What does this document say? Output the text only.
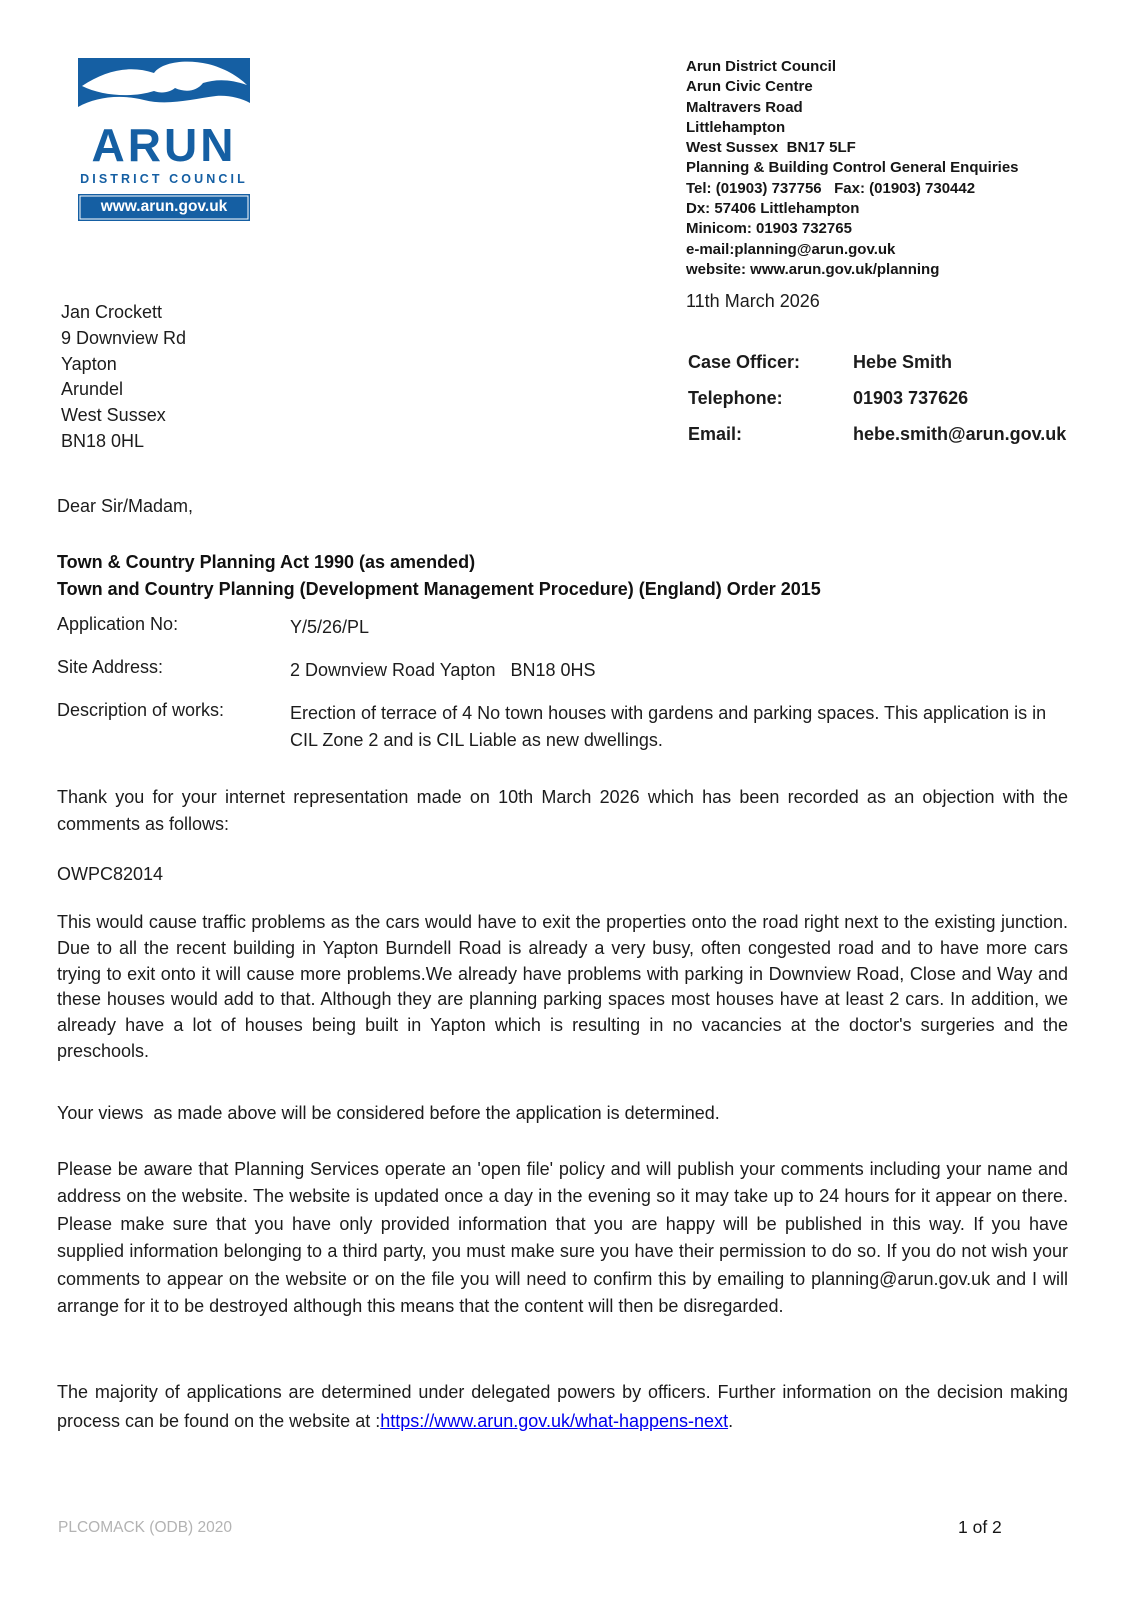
ARUN
DISTRICT COUNCIL
www.arun.gov.uk
Arun District Council
Arun Civic Centre
Maltravers Road
Littlehampton
West Sussex  BN17 5LF
Planning & Building Control General Enquiries
Tel: (01903) 737756   Fax: (01903) 730442
Dx: 57406 Littlehampton
Minicom: 01903 732765
e-mail:planning@arun.gov.uk
website: www.arun.gov.uk/planning
11th March 2026
Jan Crockett
9 Downview Rd
Yapton
Arundel
West Sussex
BN18 0HL
Case Officer:	Hebe Smith
Telephone:	01903 737626
Email:	hebe.smith@arun.gov.uk
Dear Sir/Madam,
Town & Country Planning Act 1990 (as amended)
Town and Country Planning (Development Management Procedure) (England) Order 2015
Application No:	Y/5/26/PL
Site Address:	2 Downview Road Yapton   BN18 0HS
Description of works:	Erection of terrace of 4 No town houses with gardens and parking spaces. This application is in CIL Zone 2 and is CIL Liable as new dwellings.

Thank you for your internet representation made on 10th March 2026 which has been recorded as an objection with the comments as follows:

OWPC82014

This would cause traffic problems as the cars would have to exit the properties onto the road right next to the existing junction. Due to all the recent building in Yapton Burndell Road is already a very busy, often congested road and to have more cars trying to exit onto it will cause more problems.We already have problems with parking in Downview Road, Close and Way and these houses would add to that. Although they are planning parking spaces most houses have at least 2 cars. In addition, we already have a lot of houses being built in Yapton which is resulting in no vacancies at the doctor's surgeries and the preschools.

Your views  as made above will be considered before the application is determined.

Please be aware that Planning Services operate an 'open file' policy and will publish your comments including your name and address on the website. The website is updated once a day in the evening so it may take up to 24 hours for it appear on there. Please make sure that you have only provided information that you are happy will be published in this way. If you have supplied information belonging to a third party, you must make sure you have their permission to do so. If you do not wish your comments to appear on the website or on the file you will need to confirm this by emailing to planning@arun.gov.uk and I will arrange for it to be destroyed although this means that the content will then be disregarded.

The majority of applications are determined under delegated powers by officers. Further information on the decision making process can be found on the website at :https://www.arun.gov.uk/what-happens-next.

PLCOMACK (ODB) 2020	1 of 2
